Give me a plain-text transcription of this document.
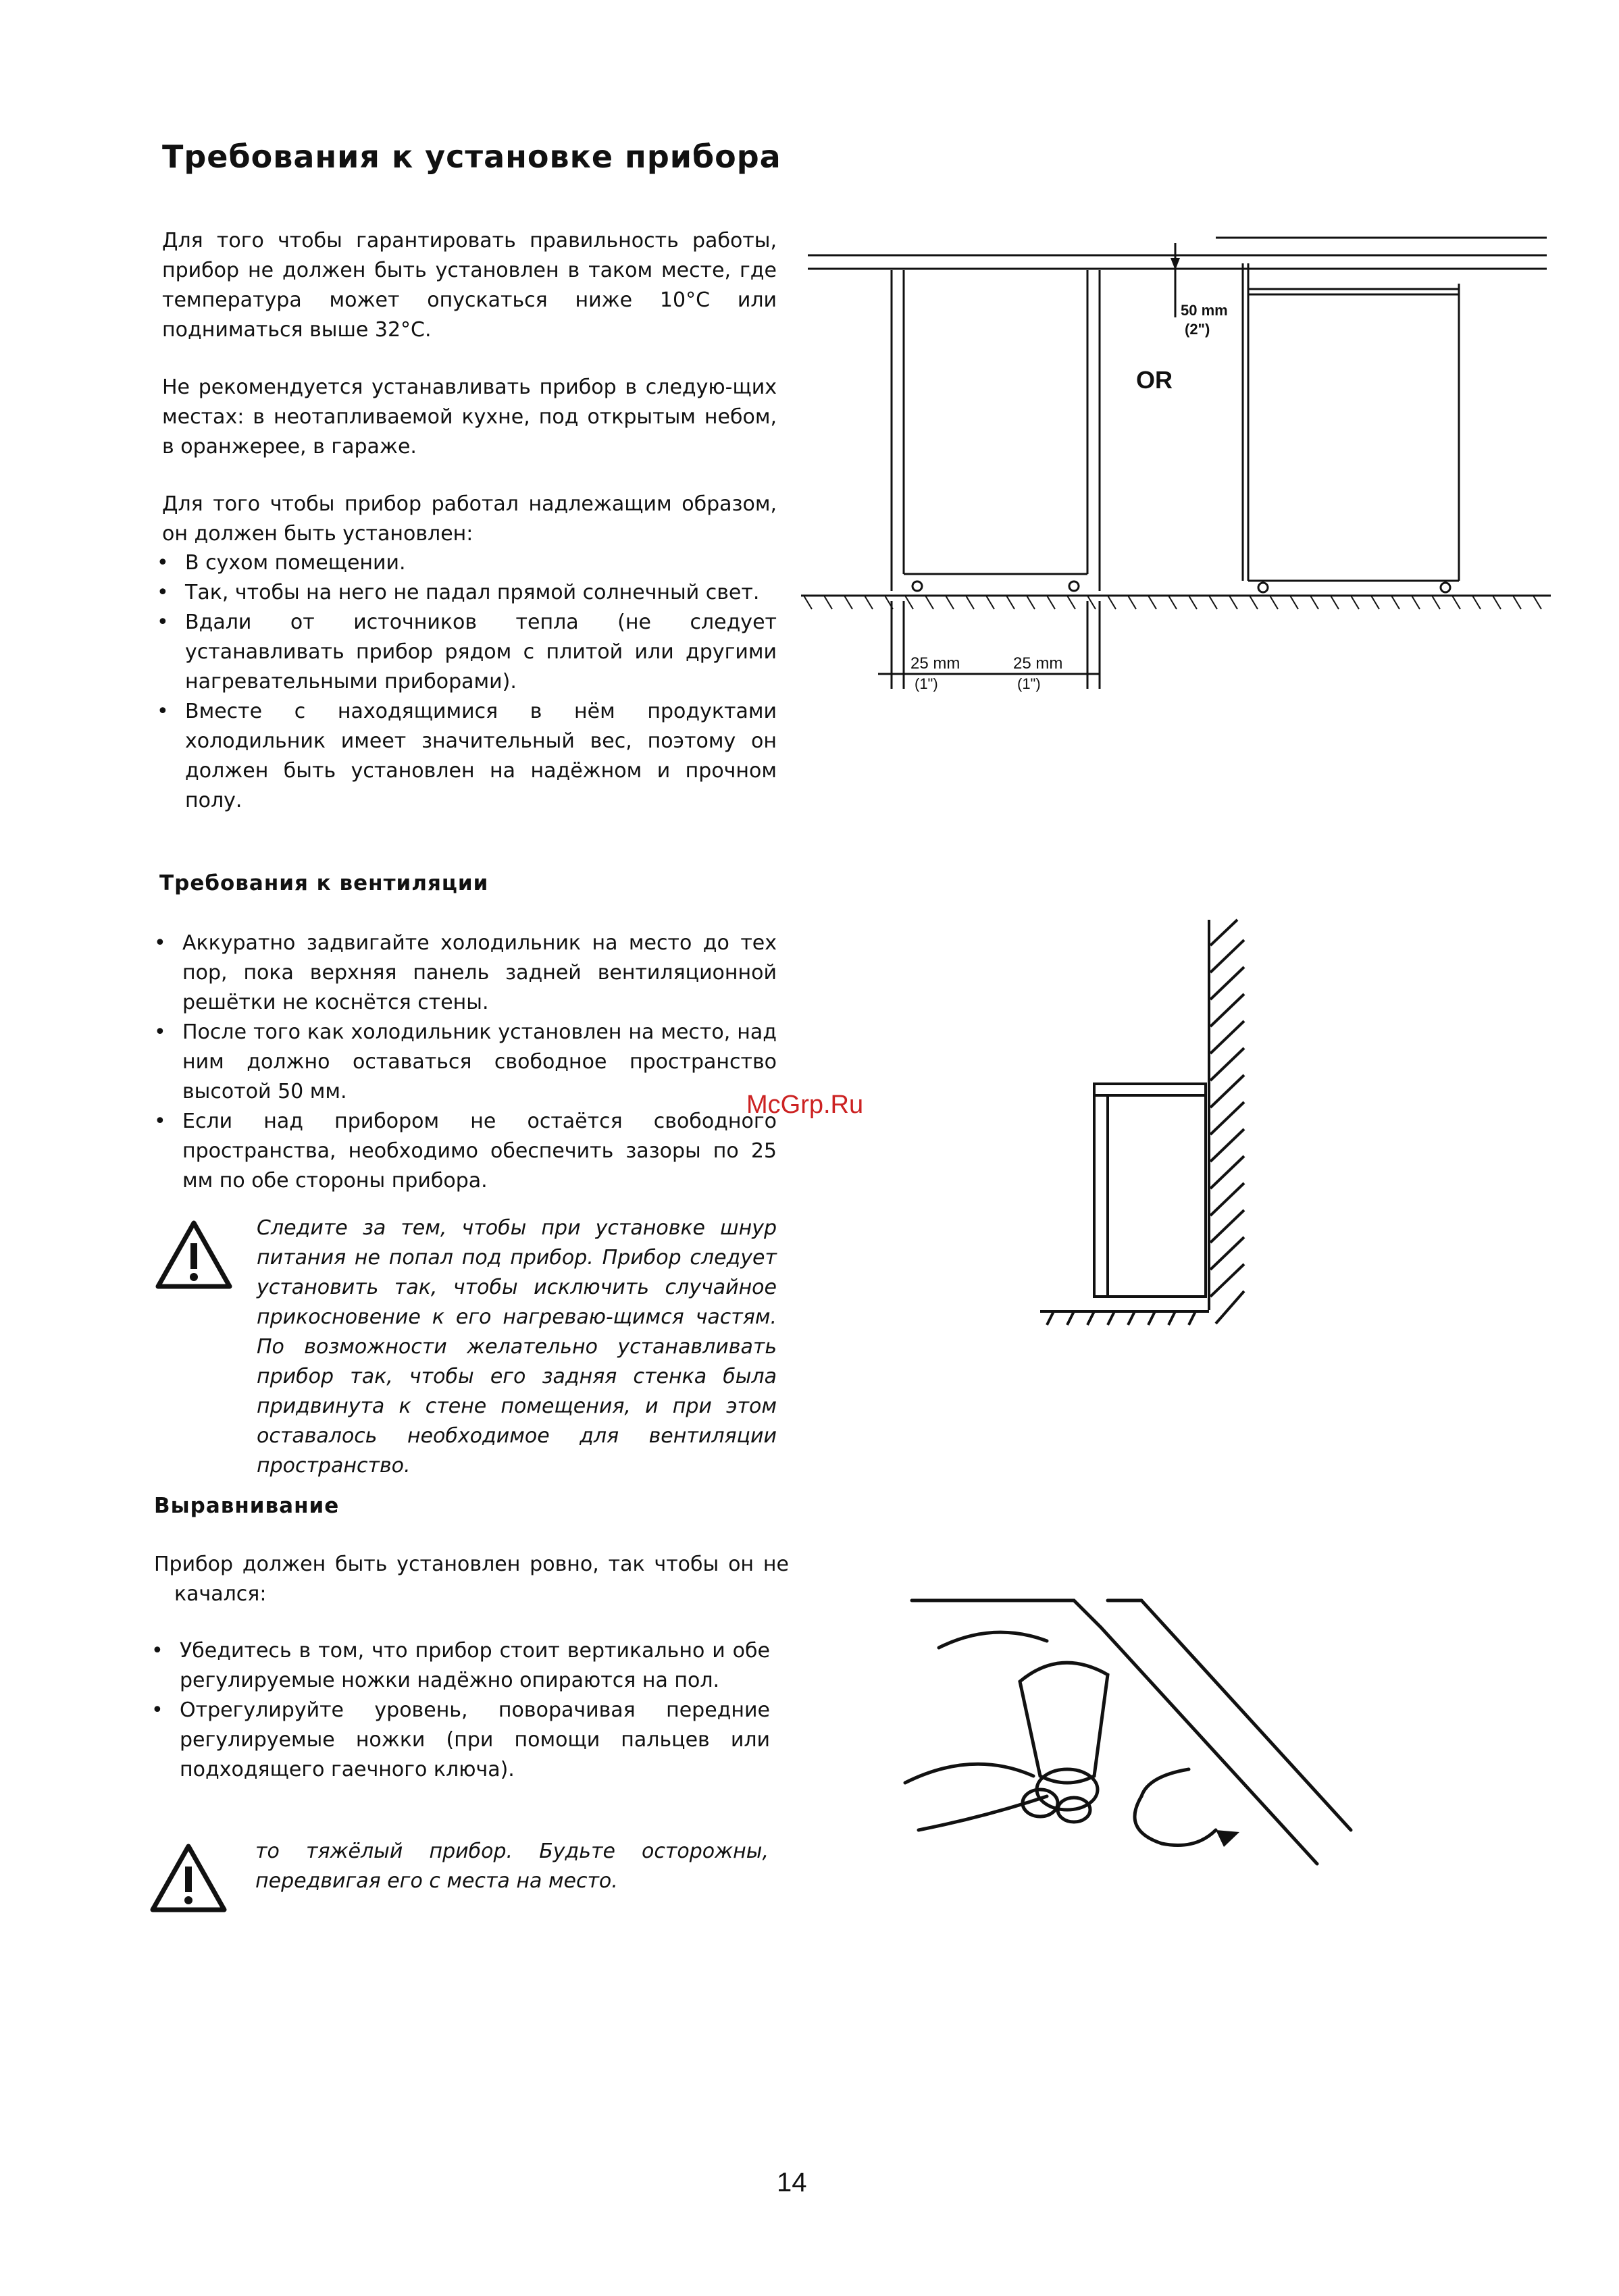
Требования к установке прибора

Для того чтобы гарантировать правильность работы, прибор не должен быть установлен в таком месте, где температура может опускаться ниже 10°С или подниматься выше 32°С.

Не рекомендуется устанавливать прибор в следую-щих местах: в неотапливаемой кухне, под открытым небом, в оранжерее, в гараже.

Для того чтобы прибор работал надлежащим образом, он должен быть установлен:

• В сухом помещении.
• Так, чтобы на него не падал прямой солнечный свет.
• Вдали от источников тепла (не следует устанавливать прибор рядом с плитой или другими нагревательными приборами).
• Вместе с находящимися в нём продуктами холодильник имеет значительный вес, поэтому он должен быть установлен на надёжном и прочном полу.
Требования к вентиляции
• Аккуратно задвигайте холодильник на место до тех пор, пока верхняя панель задней вентиляционной решётки не коснётся стены.
• После того как холодильник установлен на место, над ним должно оставаться свободное пространство высотой 50 мм.
• Если над прибором не остаётся свободного пространства, необходимо обеспечить зазоры по 25 мм по обе стороны прибора.

Следите за тем, чтобы при установке шнур питания не попал под прибор. Прибор следует установить так, чтобы исключить случайное прикосновение к его нагреваю-щимся частям. По возможности желательно устанавливать прибор так, чтобы его задняя стенка была придвинута к стене помещения, и при этом оставалось необходимое для вентиляции пространство.

Выравнивание

Прибор должен быть установлен ровно, так чтобы он не качался:

• Убедитесь в том, что прибор стоит вертикально и обе регулируемые ножки надёжно опираются на пол.
• Отрегулируйте уровень, поворачивая передние регулируемые ножки (при помощи пальцев или подходящего гаечного ключа).

то тяжёлый прибор. Будьте осторожны, передвигая его с места на место.

50 mm
(2")
OR
25 mm
(1")
25 mm
(1")
McGrp.Ru
14
